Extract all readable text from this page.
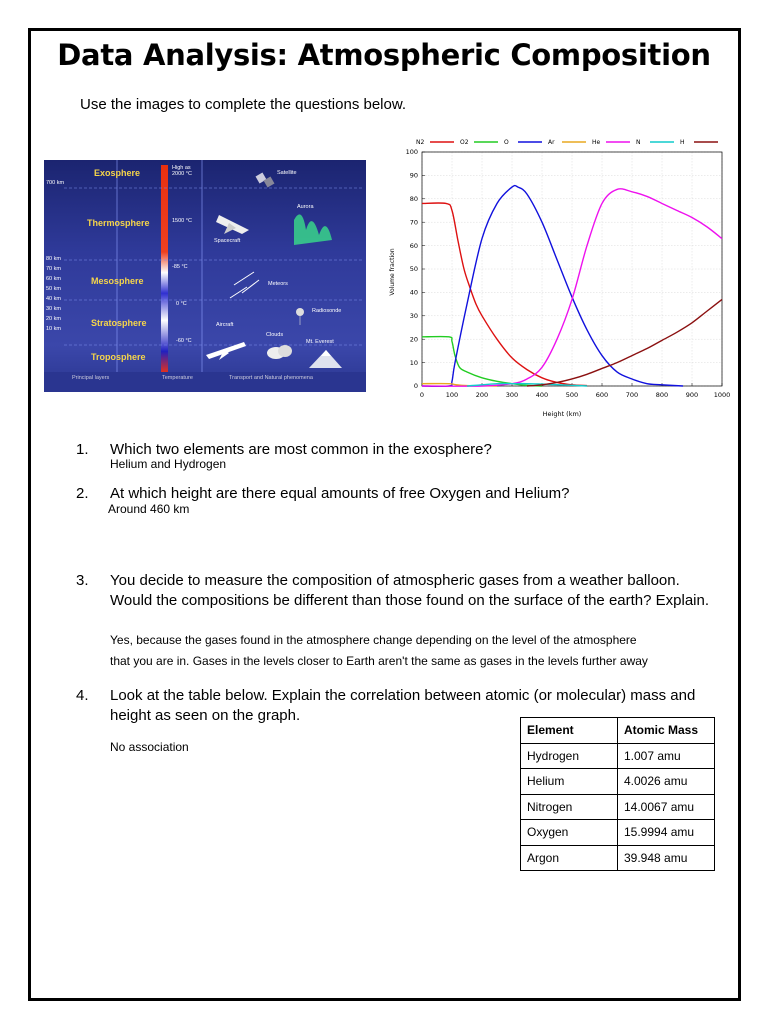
Data Analysis: Atmospheric Composition
Use the images to complete the questions below.
Exosphere
Thermosphere
Mesosphere
Stratosphere
Troposphere
700 km
80 km
70 km
60 km
50 km
40 km
30 km
20 km
10 km
High as 2000 °C
1500 °C
-85 °C
0 °C
-60 °C
Satellite
Aurora
Spacecraft
Meteors
Radiosonde
Aircraft
Clouds
Mt. Everest
Principal layers	Temperature	Transport and Natural phenomena
0	100	200	300	400	500	600	700	800	900 1000
0
10
20
30
40
50
60
70
80
90
100
N2	O2	O	Ar	He	N	H
Height (km)
Volume fraction
1. Which two elements are most common in the exosphere?
Helium and Hydrogen
2. At which height are there equal amounts of free Oxygen and Helium?
Around 460 km
3. You decide to measure the composition of atmospheric gases from a weather balloon. Would the compositions be different than those found on the surface of the earth? Explain.
Yes, because the gases found in the atmosphere change depending on the level of the atmosphere
that you are in. Gases in the levels closer to Earth aren't the same as gases in the levels further away
4. Look at the table below. Explain the correlation between atomic (or molecular) mass and height as seen on the graph.
No association
Element	Atomic Mass
Hydrogen	1.007 amu
Helium	4.0026 amu
Nitrogen	14.0067 amu
Oxygen	15.9994 amu
Argon	39.948 amu
